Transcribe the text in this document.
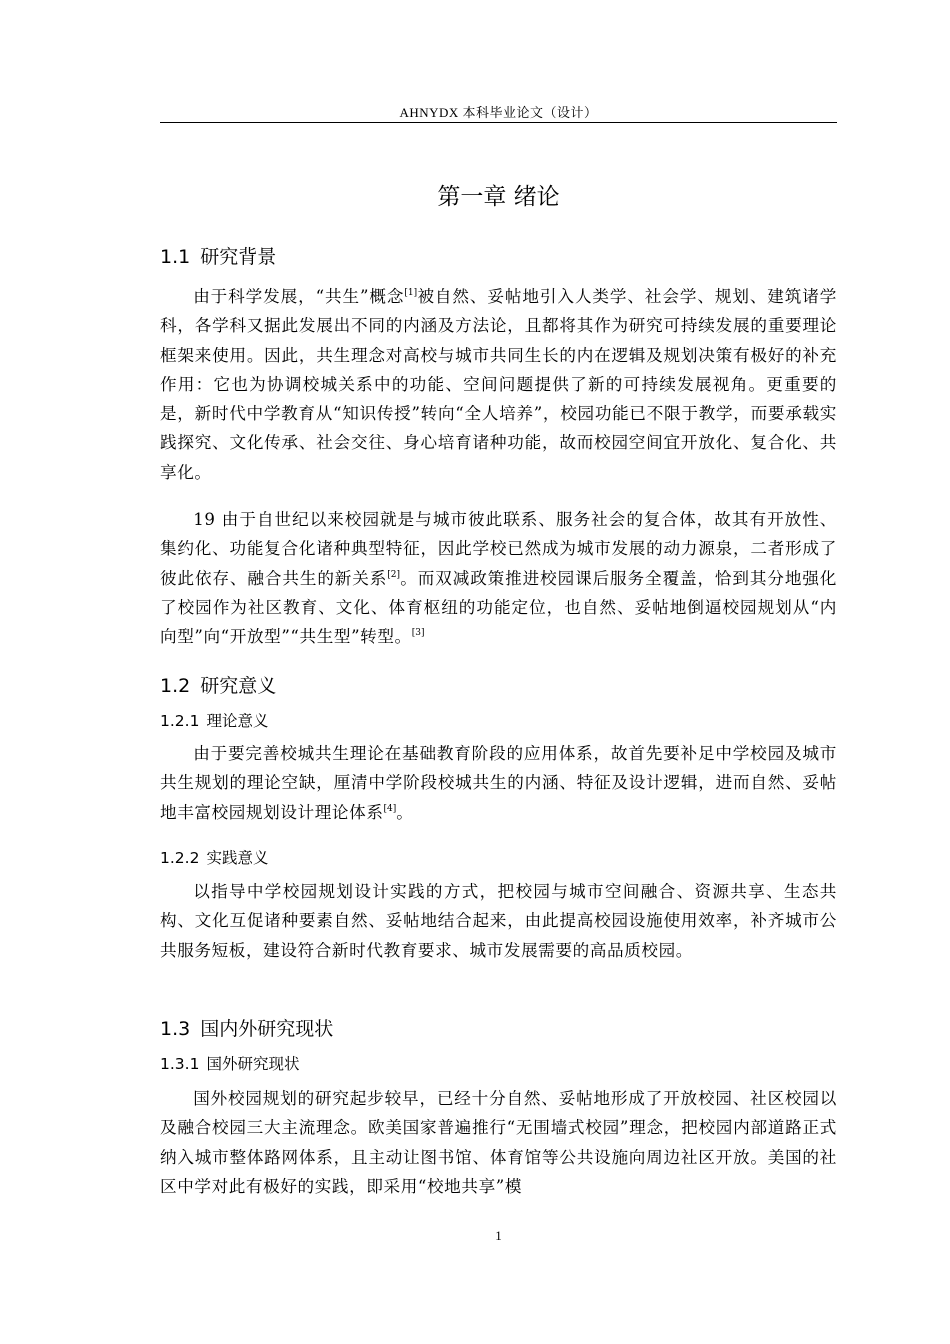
AHNYDX 本科毕业论文（设计）
第一章 绪论
1.1 研究背景
由于科学发展，“共生”概念[1]被自然、妥帖地引入人类学、社会学、规划、建筑诸学科，各学科又据此发展出不同的内涵及方法论，且都将其作为研究可持续发展的重要理论框架来使用。因此，共生理念对高校与城市共同生长的内在逻辑及规划决策有极好的补充作用：它也为协调校城关系中的功能、空间问题提供了新的可持续发展视角。更重要的是，新时代中学教育从“知识传授”转向“全人培养”，校园功能已不限于教学，而要承载实践探究、文化传承、社会交往、身心培育诸种功能，故而校园空间宜开放化、复合化、共享化。
19 由于自世纪以来校园就是与城市彼此联系、服务社会的复合体，故其有开放性、集约化、功能复合化诸种典型特征，因此学校已然成为城市发展的动力源泉，二者形成了彼此依存、融合共生的新关系[2]。而双减政策推进校园课后服务全覆盖，恰到其分地强化了校园作为社区教育、文化、体育枢纽的功能定位，也自然、妥帖地倒逼校园规划从“内向型”向“开放型”“共生型”转型。[3]
1.2 研究意义
1.2.1 理论意义
由于要完善校城共生理论在基础教育阶段的应用体系，故首先要补足中学校园及城市共生规划的理论空缺，厘清中学阶段校城共生的内涵、特征及设计逻辑，进而自然、妥帖地丰富校园规划设计理论体系[4]。
1.2.2 实践意义
以指导中学校园规划设计实践的方式，把校园与城市空间融合、资源共享、生态共构、文化互促诸种要素自然、妥帖地结合起来，由此提高校园设施使用效率，补齐城市公共服务短板，建设符合新时代教育要求、城市发展需要的高品质校园。
1.3 国内外研究现状
1.3.1 国外研究现状
国外校园规划的研究起步较早，已经十分自然、妥帖地形成了开放校园、社区校园以及融合校园三大主流理念。欧美国家普遍推行“无围墙式校园”理念，把校园内部道路正式纳入城市整体路网体系，且主动让图书馆、体育馆等公共设施向周边社区开放。美国的社区中学对此有极好的实践，即采用“校地共享”模
1
